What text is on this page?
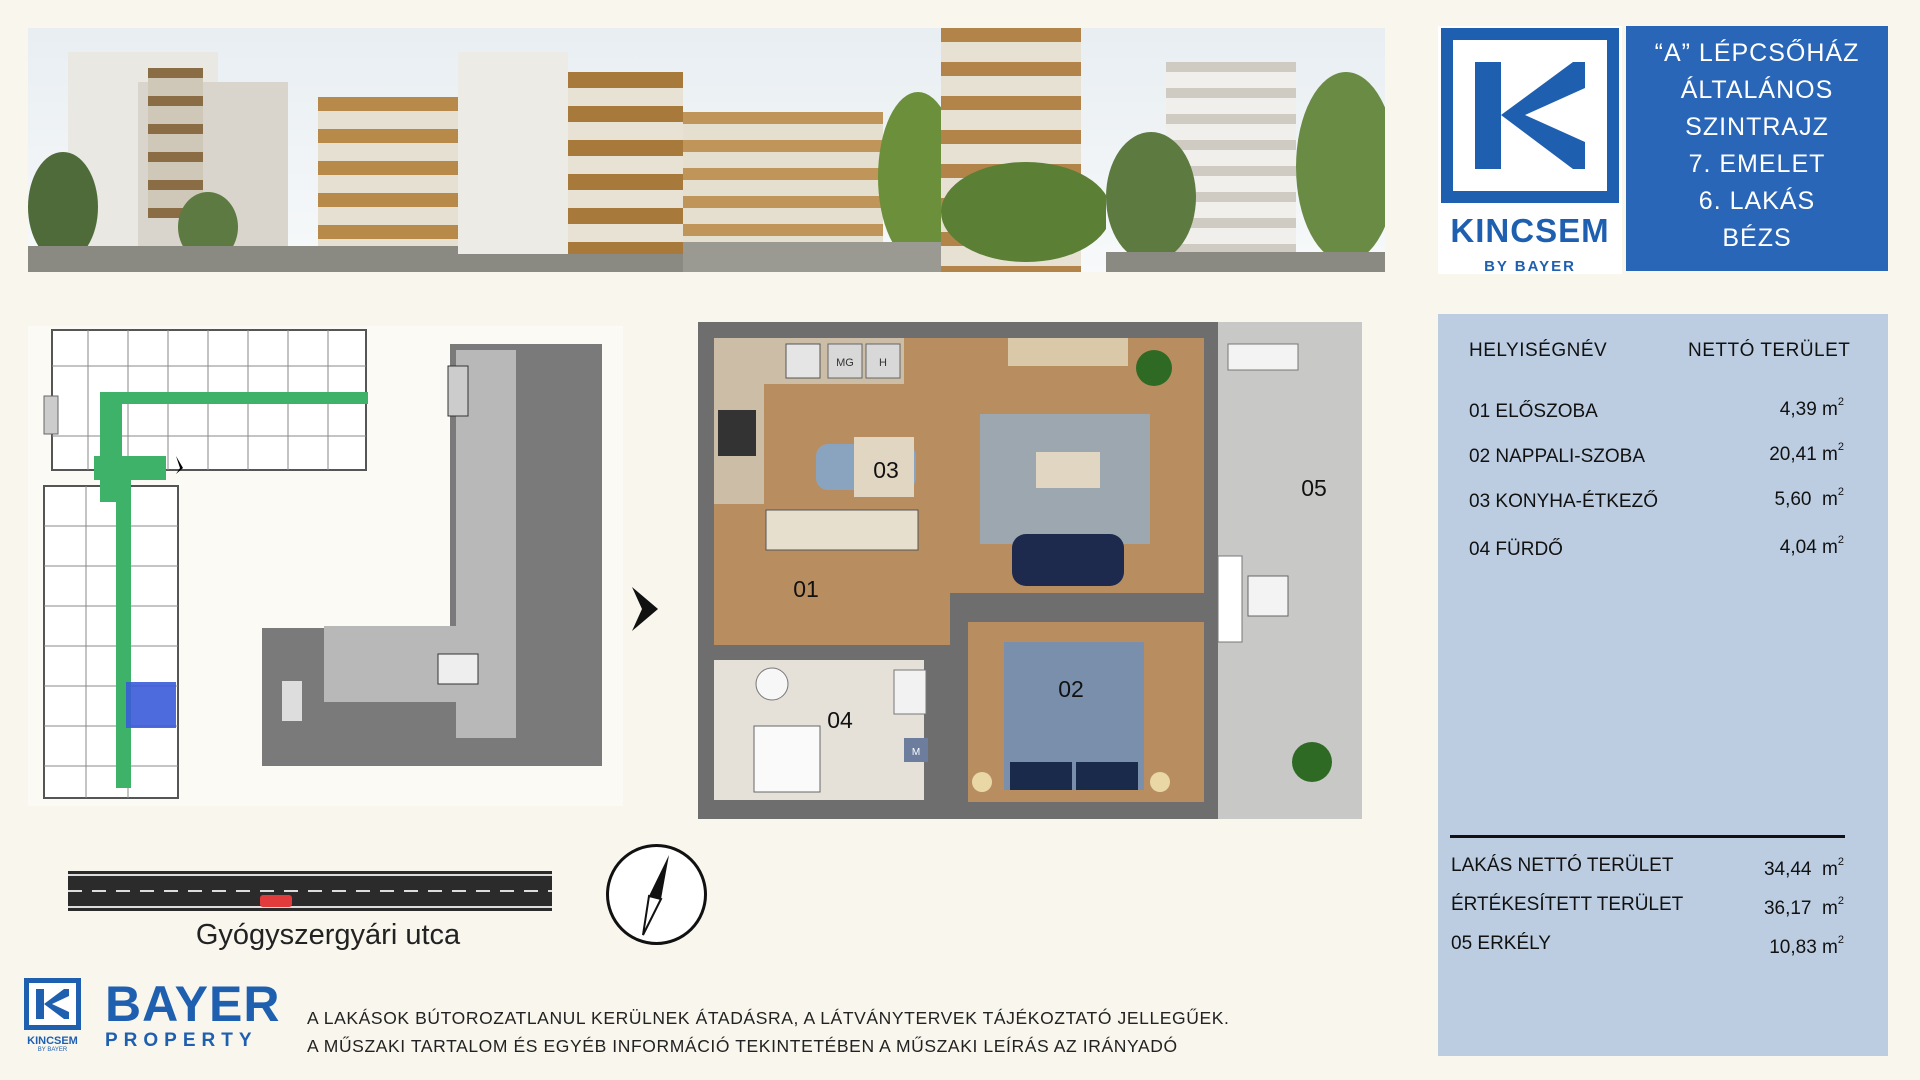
KINCSEM
BY BAYER
“A” LÉPCSŐHÁZ
ÁLTALÁNOS
SZINTRAJZ
7. EMELET
6. LAKÁS
BÉZS
HELYISÉGNÉV	NETTÓ TERÜLET
01 ELŐSZOBA	4,39 $m^2$
02 NAPPALI-SZOBA	20,41 $m^2$
03 KONYHA-ÉTKEZŐ	5,60  $m^2$
04 FÜRDŐ	4,04 $m^2$
LAKÁS NETTÓ TERÜLET	34,44  $m^2$
ÉRTÉKESÍTETT TERÜLET	36,17  $m^2$
05 ERKÉLY	10,83 $m^2$
MG H
M
01
02
03
04
05
Gyógyszergyári utca
KINCSEM
BY BAYER
BAYER
PROPERTY
A LAKÁSOK BÚTOROZATLANUL KERÜLNEK ÁTADÁSRA, A LÁTVÁNYTERVEK TÁJÉKOZTATÓ JELLEGŰEK.
A MŰSZAKI TARTALOM ÉS EGYÉB INFORMÁCIÓ TEKINTETÉBEN A MŰSZAKI LEÍRÁS AZ IRÁNYADÓ
